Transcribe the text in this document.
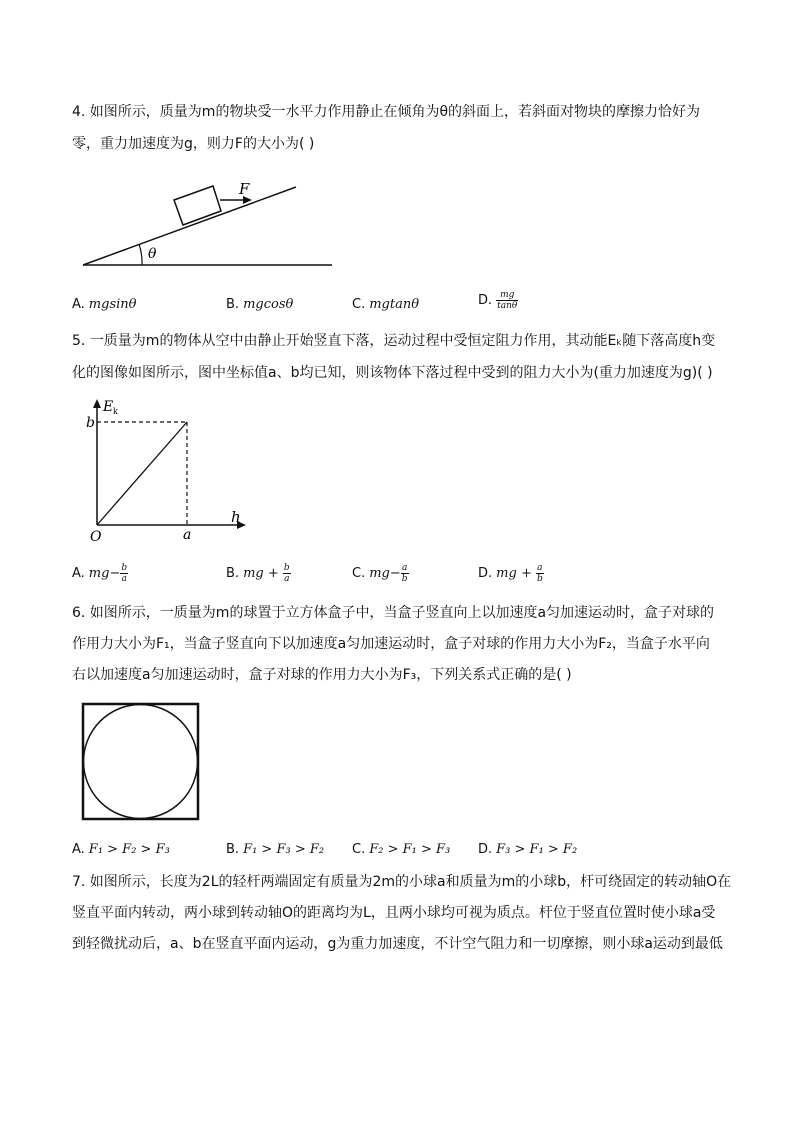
4. 如图所示，质量为m的物块受一水平力作用静止在倾角为θ的斜面上，若斜面对物块的摩擦力恰好为
零，重力加速度为g，则力F的大小为( )
F
θ
A. mgsinθ	B. mgcosθ	C. mgtanθ	D. $\frac{mg}{\tan\theta}$
5. 一质量为m的物体从空中由静止开始竖直下落，运动过程中受恒定阻力作用，其动能Eₖ随下落高度h变
化的图像如图所示，图中坐标值a、b均已知，则该物体下落过程中受到的阻力大小为(重力加速度为g)( )
E k
h
O	a
b
A. $mg- \frac{b}{a}$	B. mg + $\frac{b}{a}$	C. $mg- \frac{a}{b}$	D. mg + $\frac{a}{b}$
6. 如图所示，一质量为m的球置于立方体盒子中，当盒子竖直向上以加速度a匀加速运动时，盒子对球的
作用力大小为F₁，当盒子竖直向下以加速度a匀加速运动时，盒子对球的作用力大小为F₂，当盒子水平向
右以加速度a匀加速运动时，盒子对球的作用力大小为F₃，下列关系式正确的是( )
A. F₁ > F₂ > F₃	B. F₁ > F₃ > F₂ C. F₂ > F₁ > F₃ D. F₃ > F₁ > F₂
7. 如图所示，长度为2L的轻杆两端固定有质量为2m的小球a和质量为m的小球b，杆可绕固定的转动轴O在
竖直平面内转动，两小球到转动轴O的距离均为L，且两小球均可视为质点。杆位于竖直位置时使小球a受
到轻微扰动后，a、b在竖直平面内运动，g为重力加速度，不计空气阻力和一切摩擦，则小球a运动到最低
